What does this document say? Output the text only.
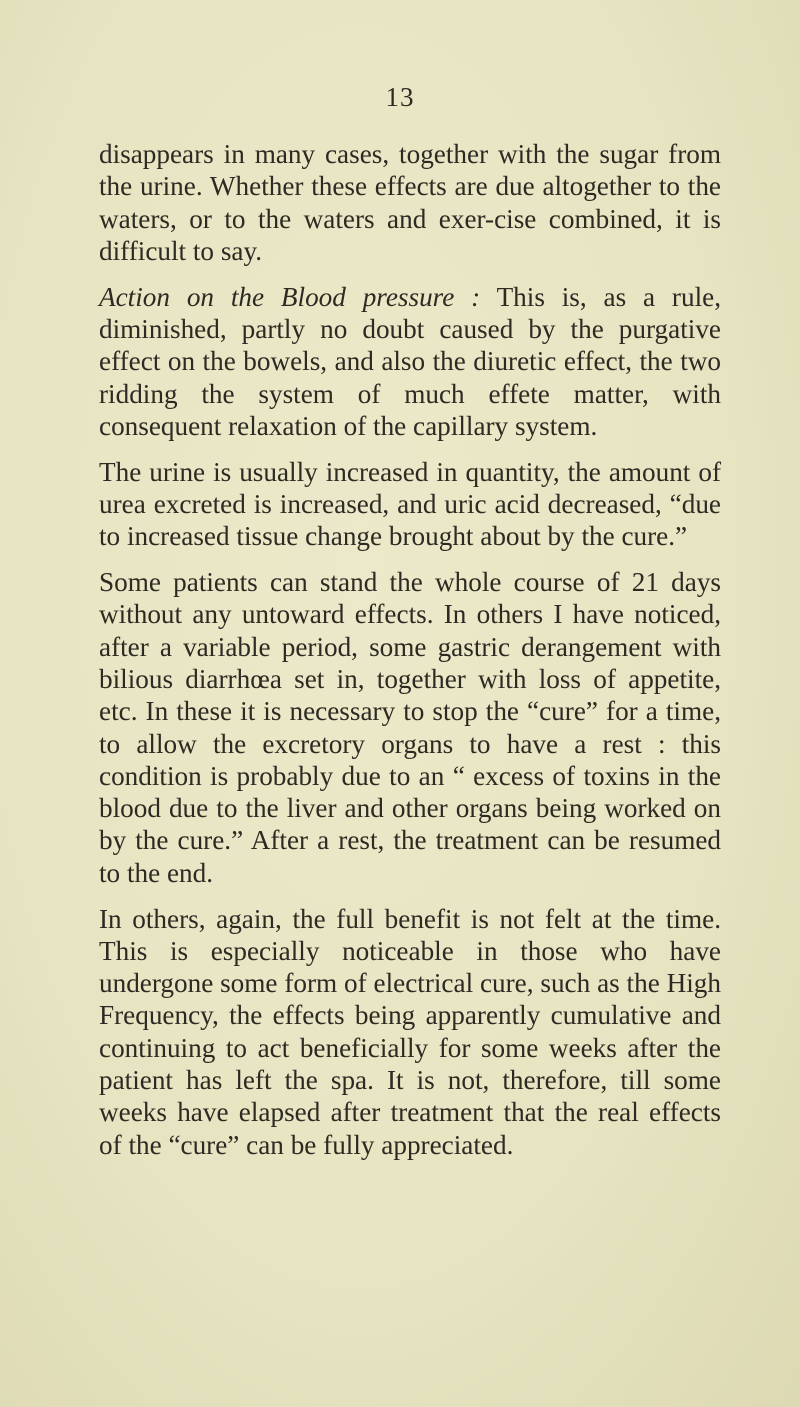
13

disappears in many cases, together with the sugar from the urine. Whether these effects are due altogether to the waters, or to the waters and exer-cise combined, it is difficult to say.

Action on the Blood pressure : This is, as a rule, diminished, partly no doubt caused by the purgative effect on the bowels, and also the diuretic effect, the two ridding the system of much effete matter, with consequent relaxation of the capillary system.

The urine is usually increased in quantity, the amount of urea excreted is increased, and uric acid decreased, “due to increased tissue change brought about by the cure.”

Some patients can stand the whole course of 21 days without any untoward effects. In others I have noticed, after a variable period, some gastric derangement with bilious diarrhœa set in, together with loss of appetite, etc. In these it is necessary to stop the “cure” for a time, to allow the excretory organs to have a rest : this condition is probably due to an “ excess of toxins in the blood due to the liver and other organs being worked on by the cure.” After a rest, the treatment can be resumed to the end.

In others, again, the full benefit is not felt at the time. This is especially noticeable in those who have undergone some form of electrical cure, such as the High Frequency, the effects being apparently cumulative and continuing to act beneficially for some weeks after the patient has left the spa. It is not, therefore, till some weeks have elapsed after treatment that the real effects of the “cure” can be fully appreciated.
